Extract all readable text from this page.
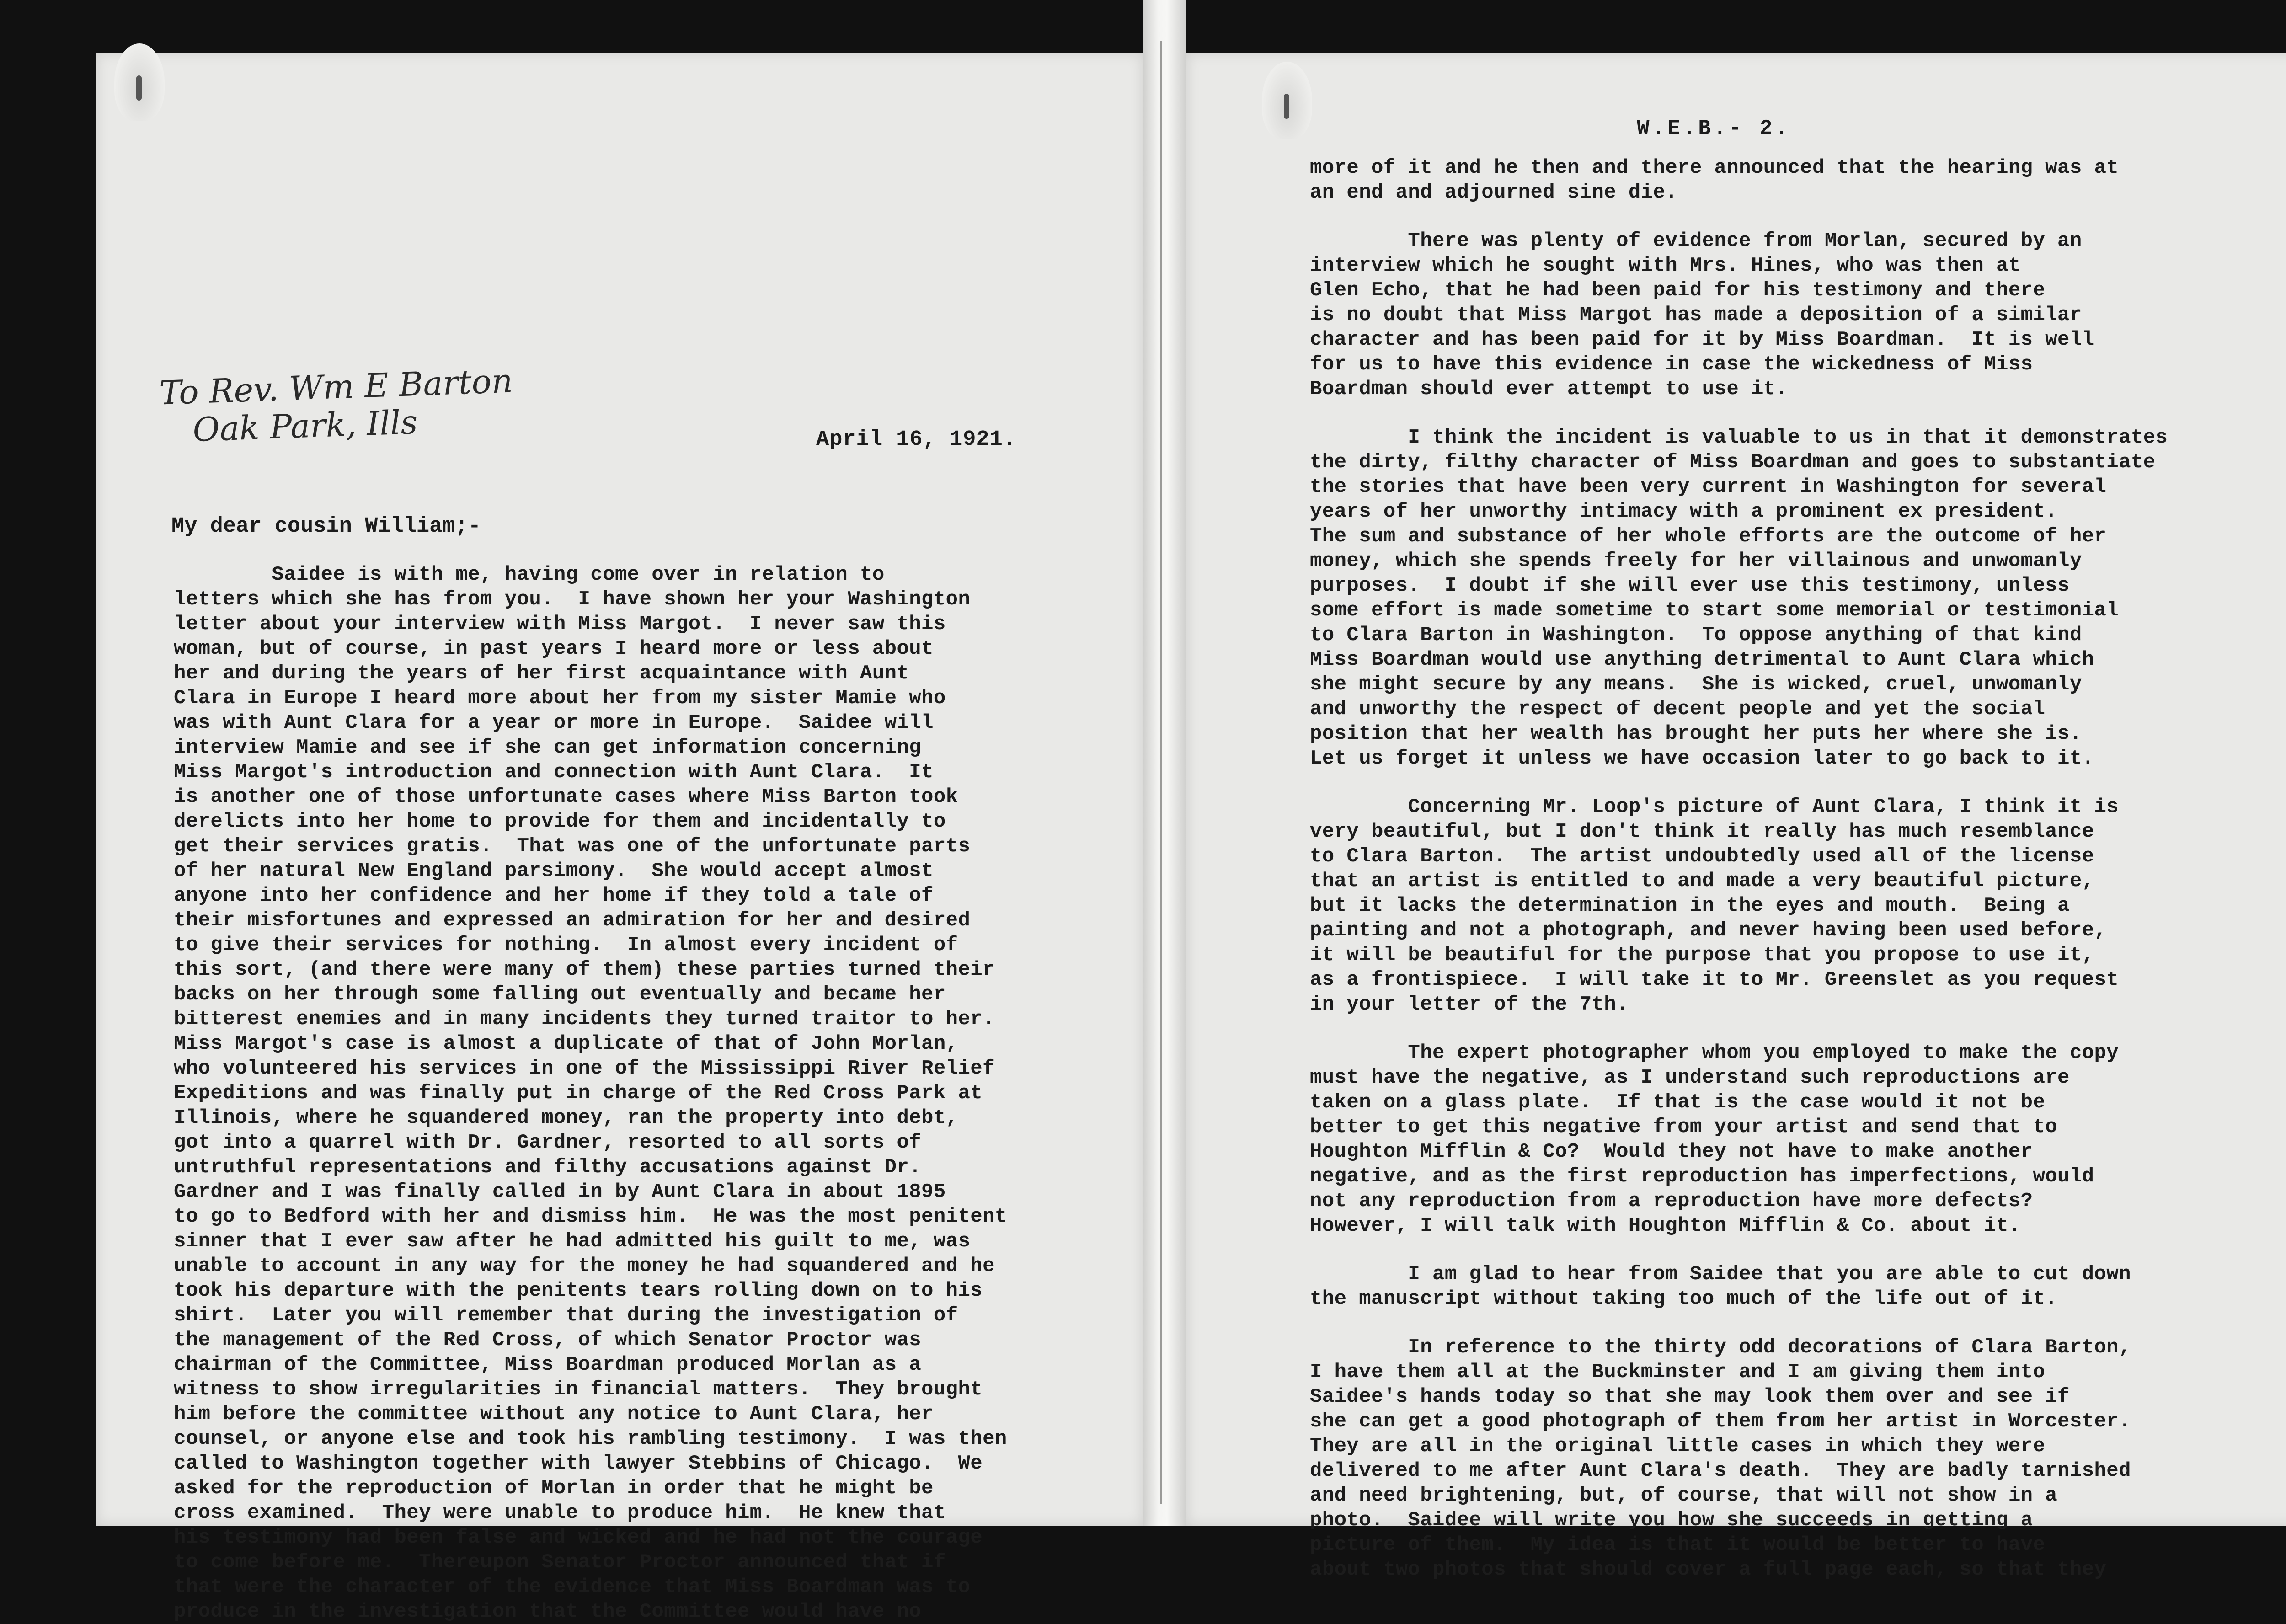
To Rev. Wm E Barton
Oak Park, Ills	April 16, 1921.
My dear cousin William;-
Saidee is with me, having come over in relation to
letters which she has from you.  I have shown her your Washington
letter about your interview with Miss Margot.  I never saw this
woman, but of course, in past years I heard more or less about
her and during the years of her first acquaintance with Aunt
Clara in Europe I heard more about her from my sister Mamie who
was with Aunt Clara for a year or more in Europe.  Saidee will
interview Mamie and see if she can get information concerning
Miss Margot's introduction and connection with Aunt Clara.  It
is another one of those unfortunate cases where Miss Barton took
derelicts into her home to provide for them and incidentally to
get their services gratis.  That was one of the unfortunate parts
of her natural New England parsimony.  She would accept almost
anyone into her confidence and her home if they told a tale of
their misfortunes and expressed an admiration for her and desired
to give their services for nothing.  In almost every incident of
this sort, (and there were many of them) these parties turned their
backs on her through some falling out eventually and became her
bitterest enemies and in many incidents they turned traitor to her.
Miss Margot's case is almost a duplicate of that of John Morlan,
who volunteered his services in one of the Mississippi River Relief
Expeditions and was finally put in charge of the Red Cross Park at
Illinois, where he squandered money, ran the property into debt,
got into a quarrel with Dr. Gardner, resorted to all sorts of
untruthful representations and filthy accusations against Dr.
Gardner and I was finally called in by Aunt Clara in about 1895
to go to Bedford with her and dismiss him.  He was the most penitent
sinner that I ever saw after he had admitted his guilt to me, was
unable to account in any way for the money he had squandered and he
took his departure with the penitents tears rolling down on to his
shirt.  Later you will remember that during the investigation of
the management of the Red Cross, of which Senator Proctor was
chairman of the Committee, Miss Boardman produced Morlan as a
witness to show irregularities in financial matters.  They brought
him before the committee without any notice to Aunt Clara, her
counsel, or anyone else and took his rambling testimony.  I was then
called to Washington together with lawyer Stebbins of Chicago.  We
asked for the reproduction of Morlan in order that he might be
cross examined.  They were unable to produce him.  He knew that
his testimony had been false and wicked and he had not the courage
to come before me.  Thereupon Senator Proctor announced that if
that were the character of the evidence that Miss Boardman was to
produce in the investigation that the Committee would have no
W.E.B.- 2.
more of it and he then and there announced that the hearing was at
an end and adjourned sine die.
There was plenty of evidence from Morlan, secured by an
interview which he sought with Mrs. Hines, who was then at
Glen Echo, that he had been paid for his testimony and there
is no doubt that Miss Margot has made a deposition of a similar
character and has been paid for it by Miss Boardman.  It is well
for us to have this evidence in case the wickedness of Miss
Boardman should ever attempt to use it.
I think the incident is valuable to us in that it demonstrates
the dirty, filthy character of Miss Boardman and goes to substantiate
the stories that have been very current in Washington for several
years of her unworthy intimacy with a prominent ex president.
The sum and substance of her whole efforts are the outcome of her
money, which she spends freely for her villainous and unwomanly
purposes.  I doubt if she will ever use this testimony, unless
some effort is made sometime to start some memorial or testimonial
to Clara Barton in Washington.  To oppose anything of that kind
Miss Boardman would use anything detrimental to Aunt Clara which
she might secure by any means.  She is wicked, cruel, unwomanly
and unworthy the respect of decent people and yet the social
position that her wealth has brought her puts her where she is.
Let us forget it unless we have occasion later to go back to it.
Concerning Mr. Loop's picture of Aunt Clara, I think it is
very beautiful, but I don't think it really has much resemblance
to Clara Barton.  The artist undoubtedly used all of the license
that an artist is entitled to and made a very beautiful picture,
but it lacks the determination in the eyes and mouth.  Being a
painting and not a photograph, and never having been used before,
it will be beautiful for the purpose that you propose to use it,
as a frontispiece.  I will take it to Mr. Greenslet as you request
in your letter of the 7th.
The expert photographer whom you employed to make the copy
must have the negative, as I understand such reproductions are
taken on a glass plate.  If that is the case would it not be
better to get this negative from your artist and send that to
Houghton Mifflin & Co?  Would they not have to make another
negative, and as the first reproduction has imperfections, would
not any reproduction from a reproduction have more defects?
However, I will talk with Houghton Mifflin & Co. about it.
I am glad to hear from Saidee that you are able to cut down
the manuscript without taking too much of the life out of it.
In reference to the thirty odd decorations of Clara Barton,
I have them all at the Buckminster and I am giving them into
Saidee's hands today so that she may look them over and see if
she can get a good photograph of them from her artist in Worcester.
They are all in the original little cases in which they were
delivered to me after Aunt Clara's death.  They are badly tarnished
and need brightening, but, of course, that will not show in a
photo.  Saidee will write you how she succeeds in getting a
picture of them.  My idea is that it would be better to have
about two photos that should cover a full page each, so that they
